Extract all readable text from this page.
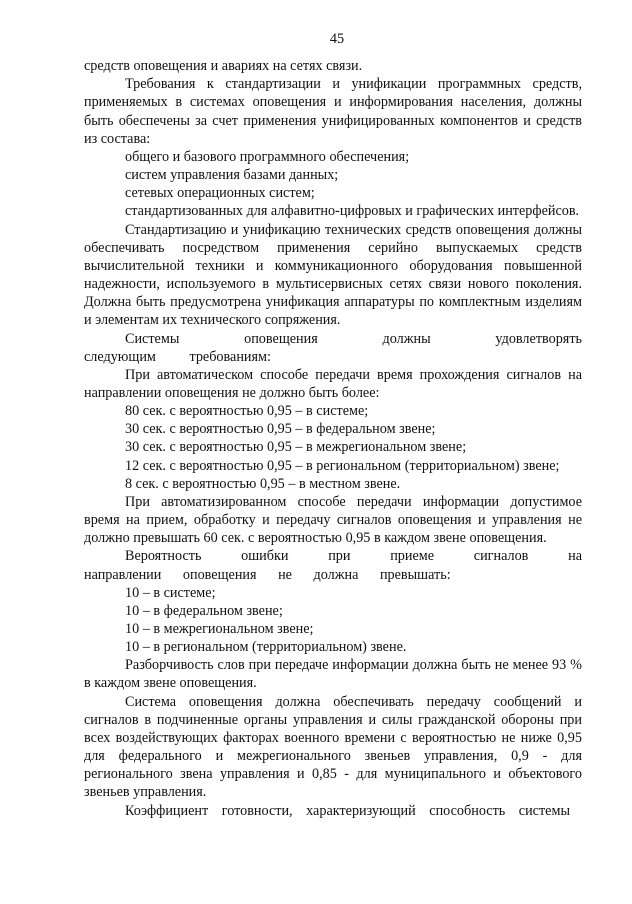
45

средств оповещения и авариях на сетях связи.

Требования к стандартизации и унификации программных средств, применяемых в системах оповещения и информирования населения, должны быть обеспечены за счет применения унифицированных компонентов и средств из состава:

общего и базового программного обеспечения;

систем управления базами данных;

сетевых операционных систем;

стандартизованных для алфавитно-цифровых и графических интерфейсов.

Стандартизацию и унификацию технических средств оповещения должны обеспечивать посредством применения серийно выпускаемых средств вычислительной техники и коммуникационного оборудования повышенной надежности, используемого в мультисервисных сетях связи нового поколения. Должна быть предусмотрена унификация аппаратуры по комплектным изделиям и элементам их технического сопряжения.

Системы оповещения должны удовлетворять следующим требованиям:

При автоматическом способе передачи время прохождения сигналов на направлении оповещения не должно быть более:

80 сек. с вероятностью 0,95 – в системе;

30 сек. с вероятностью 0,95 – в федеральном звене;

30 сек. с вероятностью 0,95 – в межрегиональном звене;

12 сек. с вероятностью 0,95 – в региональном (территориальном) звене;

8 сек. с вероятностью 0,95 – в местном звене.

При автоматизированном способе передачи информации допустимое время на прием, обработку и передачу сигналов оповещения и управления не должно превышать 60 сек. с вероятностью 0,95 в каждом звене оповещения.

Вероятность ошибки при приеме сигналов на направлении оповещения не должна превышать:

10 – в системе;

10 – в федеральном звене;

10 – в межрегиональном звене;

10 – в региональном (территориальном) звене.

Разборчивость слов при передаче информации должна быть не менее 93 % в каждом звене оповещения.

Система оповещения должна обеспечивать передачу сообщений и сигналов в подчиненные органы управления и силы гражданской обороны при всех воздействующих факторах военного времени с вероятностью не ниже 0,95 для федерального и межрегионального звеньев управления, 0,9 - для регионального звена управления и 0,85 - для муниципального и объектового звеньев управления.

Коэффициент готовности, характеризующий способность системы
